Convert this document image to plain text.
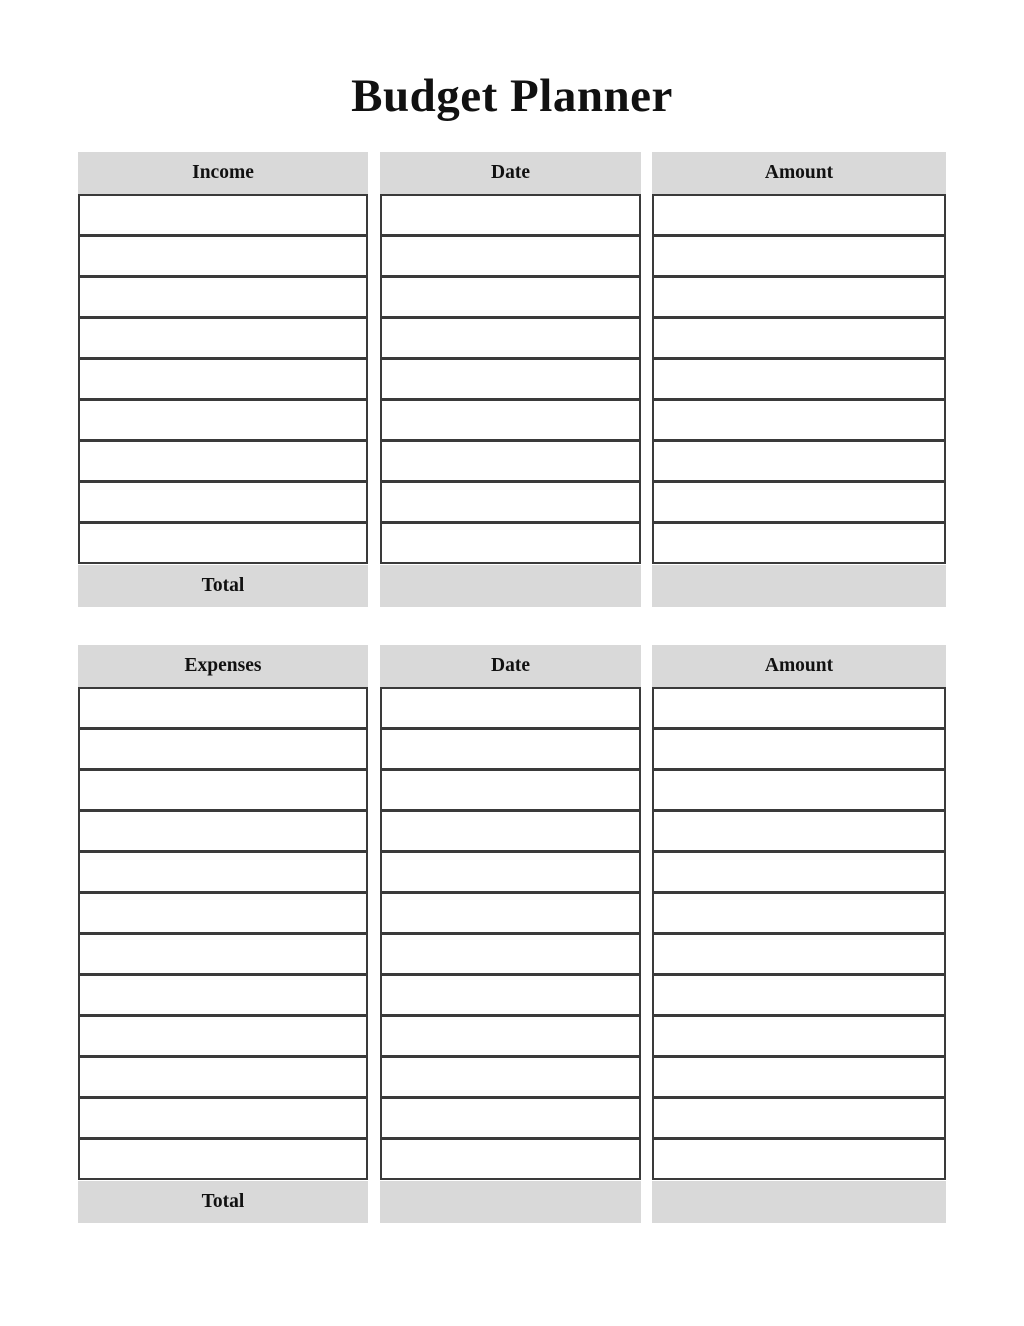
Budget Planner
Income	Date	Amount
Total
Expenses	Date	Amount
Total
